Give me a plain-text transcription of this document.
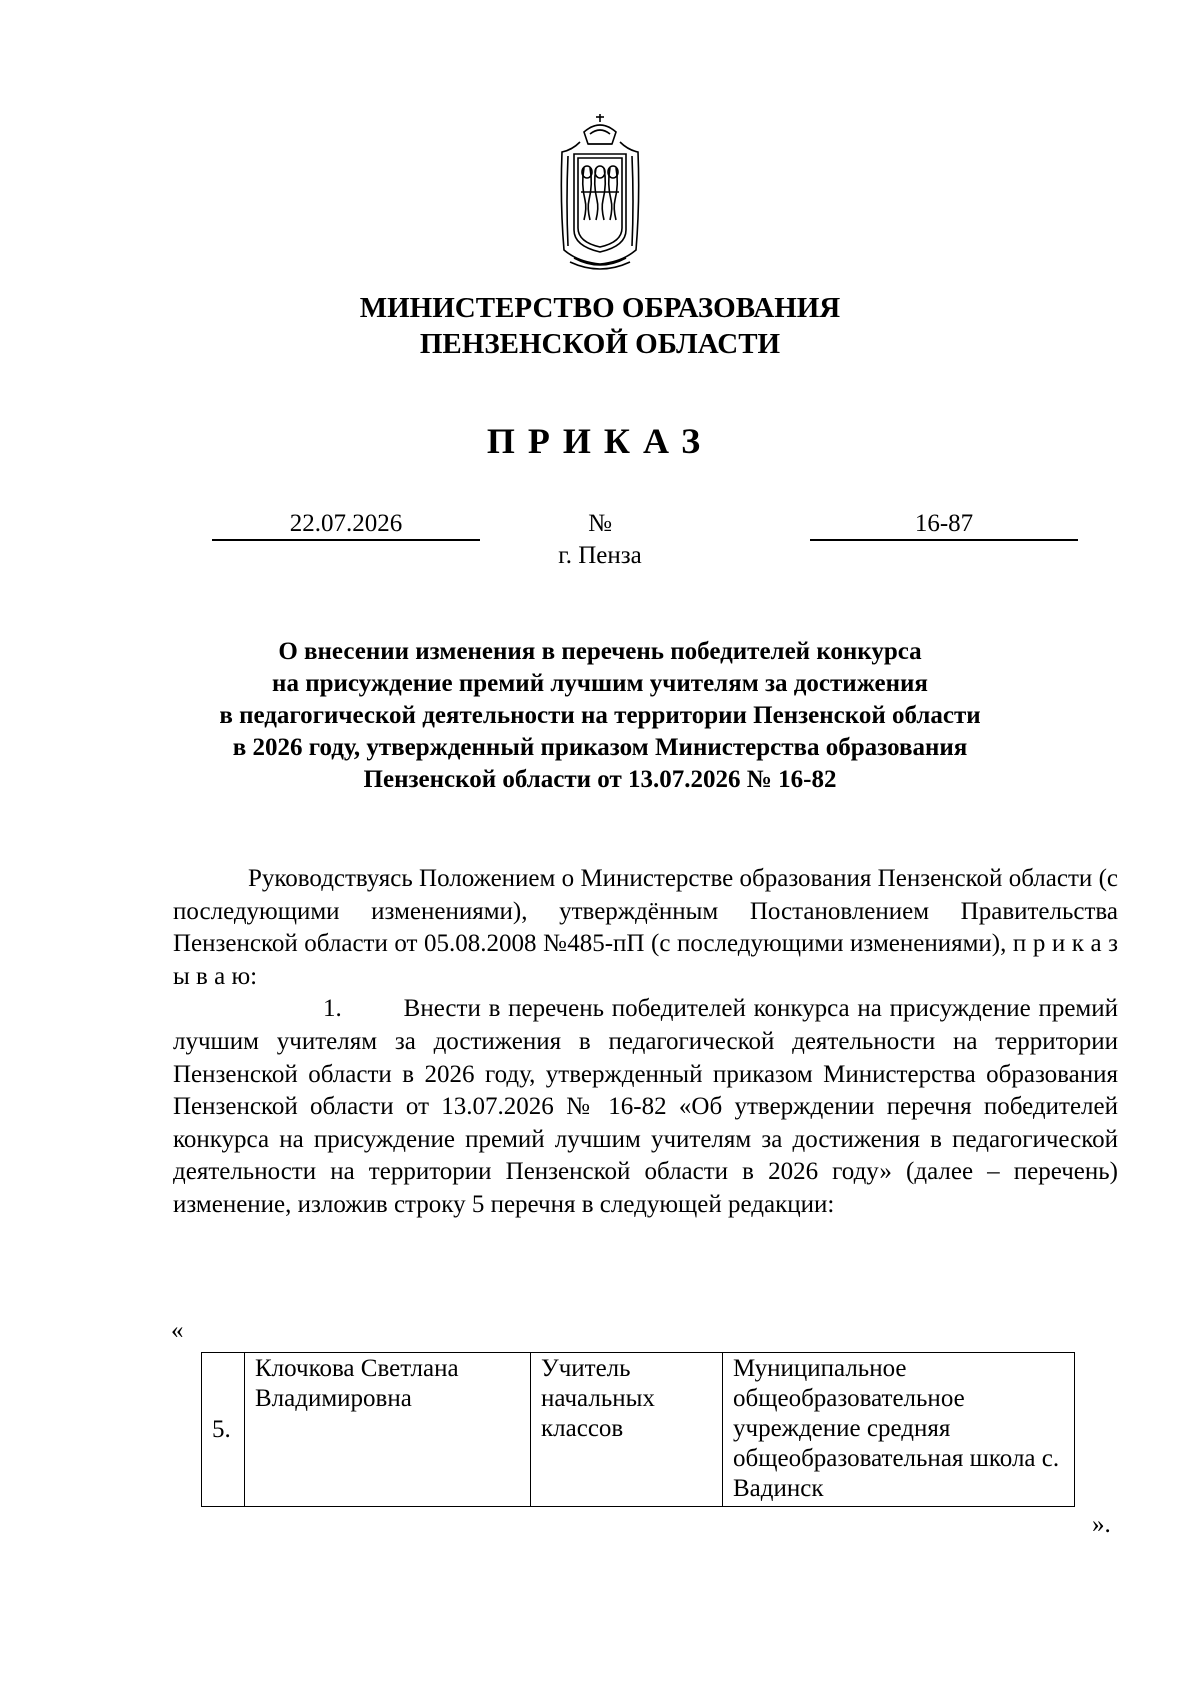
МИНИСТЕРСТВО ОБРАЗОВАНИЯ
ПЕНЗЕНСКОЙ ОБЛАСТИ
ПРИКАЗ
22.07.2026	№	16-87
г. Пенза
О внесении изменения в перечень победителей конкурса
на присуждение премий лучшим учителям за достижения
в педагогической деятельности на территории Пензенской области
в 2026 году, утвержденный приказом Министерства образования
Пензенской области от 13.07.2026 № 16-82

Руководствуясь Положением о Министерстве образования Пензенской области (с последующими изменениями), утверждённым Постановлением Правительства Пензенской области от 05.08.2008 №485-пП (с последующими изменениями), п р и к а з ы в а ю:

1. Внести в перечень победителей конкурса на присуждение премий лучшим учителям за достижения в педагогической деятельности на территории Пензенской области в 2026 году, утвержденный приказом Министерства образования Пензенской области от 13.07.2026 № 16-82 «Об утверждении перечня победителей конкурса на присуждение премий лучшим учителям за достижения в педагогической деятельности на территории Пензенской области в 2026 году» (далее – перечень) изменение, изложив строку 5 перечня в следующей редакции:

«
5.	Клочкова Светлана Владимировна	Учитель начальных классов	Муниципальное общеобразовательное учреждение средняя общеобразовательная школа с. Вадинск
».
